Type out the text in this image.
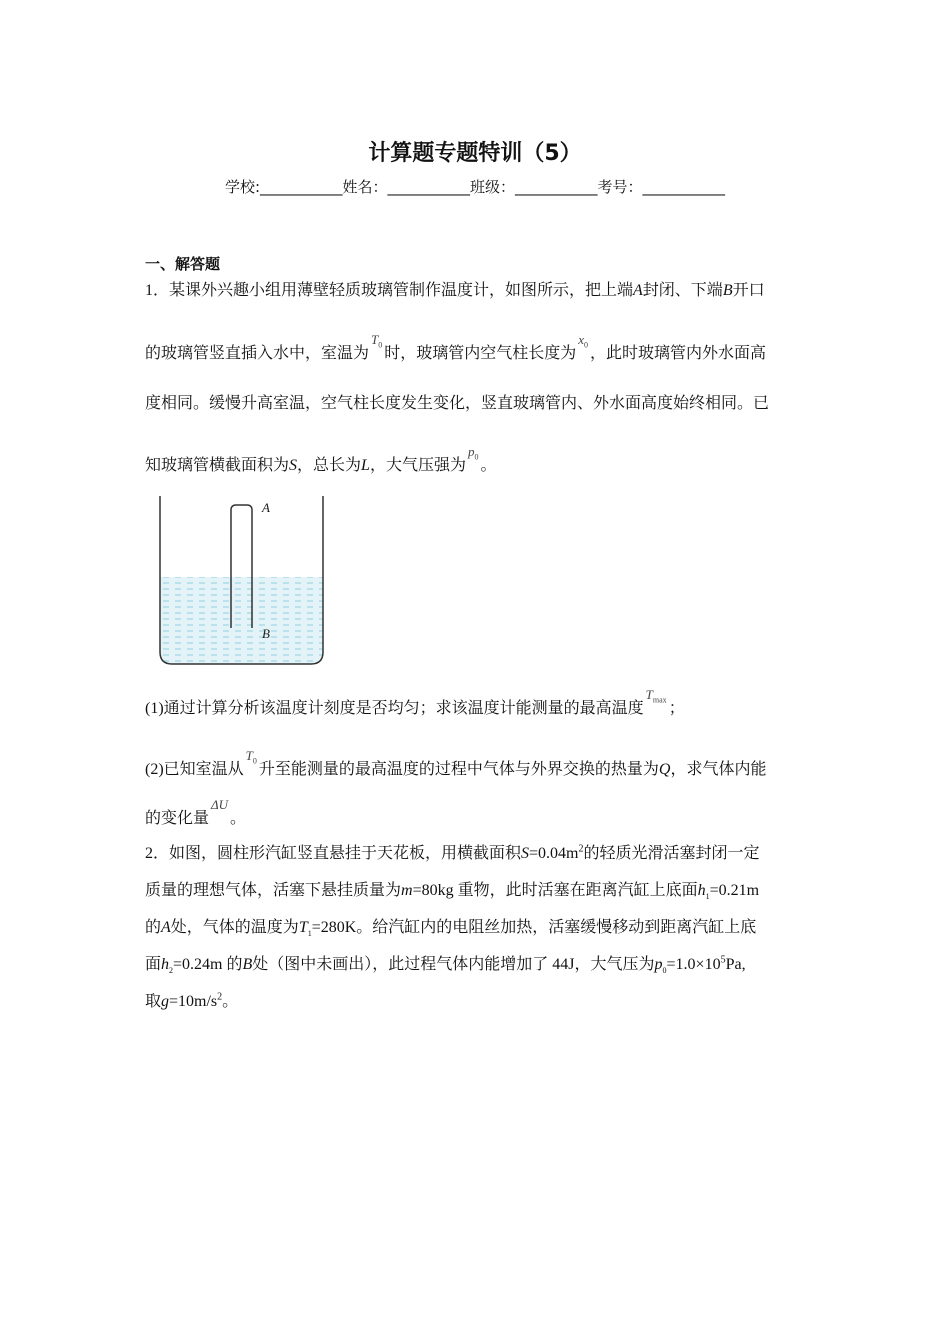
计算题专题特训（5）
学校:___________姓名：___________班级：___________考号：___________
一、解答题
1．某课外兴趣小组用薄壁轻质玻璃管制作温度计，如图所示，把上端A封闭、下端B开口
的玻璃管竖直插入水中，室温为$^{T_0}$ 时，玻璃管内空气柱长度为$^{x_0}$ ，此时玻璃管内外水面高
度相同。缓慢升高室温，空气柱长度发生变化，竖直玻璃管内、外水面高度始终相同。已
知玻璃管横截面积为S，总长为L，大气压强为$^{p_0}$ 。
A
B
(1)通过计算分析该温度计刻度是否均匀；求该温度计能测量的最高温度$^{T_{max}}$ ；
(2)已知室温从$^{T_0}$ 升至能测量的最高温度的过程中气体与外界交换的热量为Q，求气体内能
的变化量$^{\Delta U}$。
2．如图，圆柱形汽缸竖直悬挂于天花板，用横截面积$S=0.04m^2$的轻质光滑活塞封闭一定
质量的理想气体，活塞下悬挂质量为m=80kg 重物，此时活塞在距离汽缸上底面$h_1=0.21m$
的A处，气体的温度为$T_1=280K$。给汽缸内的电阻丝加热，活塞缓慢移动到距离汽缸上底
面$h_2=0.24m$ 的B处（图中未画出），此过程气体内能增加了 44J，大气压为$p_0=1.0\times 10^5Pa$,
取$g=10m/s^2$。
